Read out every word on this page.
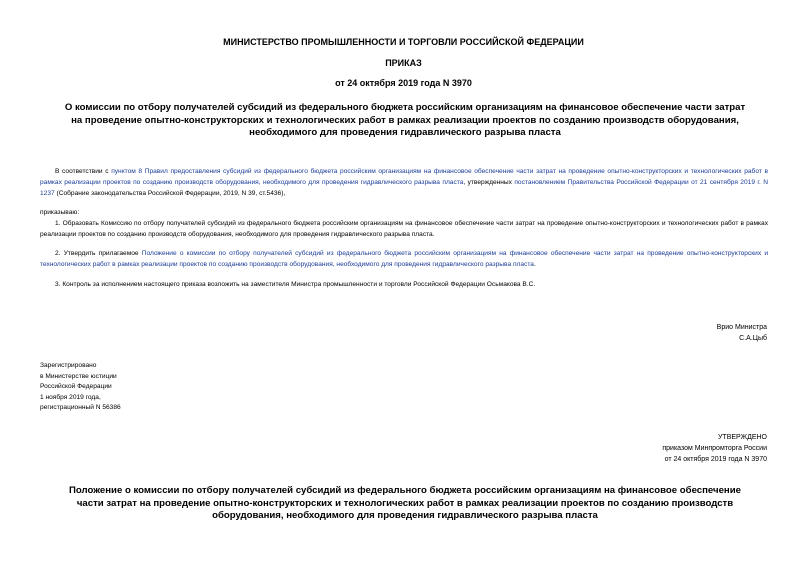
МИНИСТЕРСТВО ПРОМЫШЛЕННОСТИ И ТОРГОВЛИ РОССИЙСКОЙ ФЕДЕРАЦИИ
ПРИКАЗ
от 24 октября 2019 года N 3970
О комиссии по отбору получателей субсидий из федерального бюджета российским организациям на финансовое обеспечение части затрат на проведение опытно-конструкторских и технологических работ в рамках реализации проектов по созданию производств оборудования, необходимого для проведения гидравлического разрыва пласта
В соответствии с пунктом 8 Правил предоставления субсидий из федерального бюджета российским организациям на финансовое обеспечение части затрат на проведение опытно-конструкторских и технологических работ в рамках реализации проектов по созданию производств оборудования, необходимого для проведения гидравлического разрыва пласта, утвержденных постановлением Правительства Российской Федерации от 21 сентября 2019 г. N 1237 (Собрание законодательства Российской Федерации, 2019, N 39, ст.5436),
приказываю:
1. Образовать Комиссию по отбору получателей субсидий из федерального бюджета российским организациям на финансовое обеспечение части затрат на проведение опытно-конструкторских и технологических работ в рамках реализации проектов по созданию производств оборудования, необходимого для проведения гидравлического разрыва пласта.
2. Утвердить прилагаемое Положение о комиссии по отбору получателей субсидий из федерального бюджета российским организациям на финансовое обеспечение части затрат на проведение опытно-конструкторских и технологических работ в рамках реализации проектов по созданию производств оборудования, необходимого для проведения гидравлического разрыва пласта.
3. Контроль за исполнением настоящего приказа возложить на заместителя Министра промышленности и торговли Российской Федерации Осьмакова В.С.
Врио Министра
С.А.Цыб
Зарегистрировано
в Министерстве юстиции
Российской Федерации
1 ноября 2019 года,
регистрационный N 56386
УТВЕРЖДЕНО
приказом Минпромторга России
от 24 октября 2019 года N 3970
Положение о комиссии по отбору получателей субсидий из федерального бюджета российским организациям на финансовое обеспечение части затрат на проведение опытно-конструкторских и технологических работ в рамках реализации проектов по созданию производств оборудования, необходимого для проведения гидравлического разрыва пласта
